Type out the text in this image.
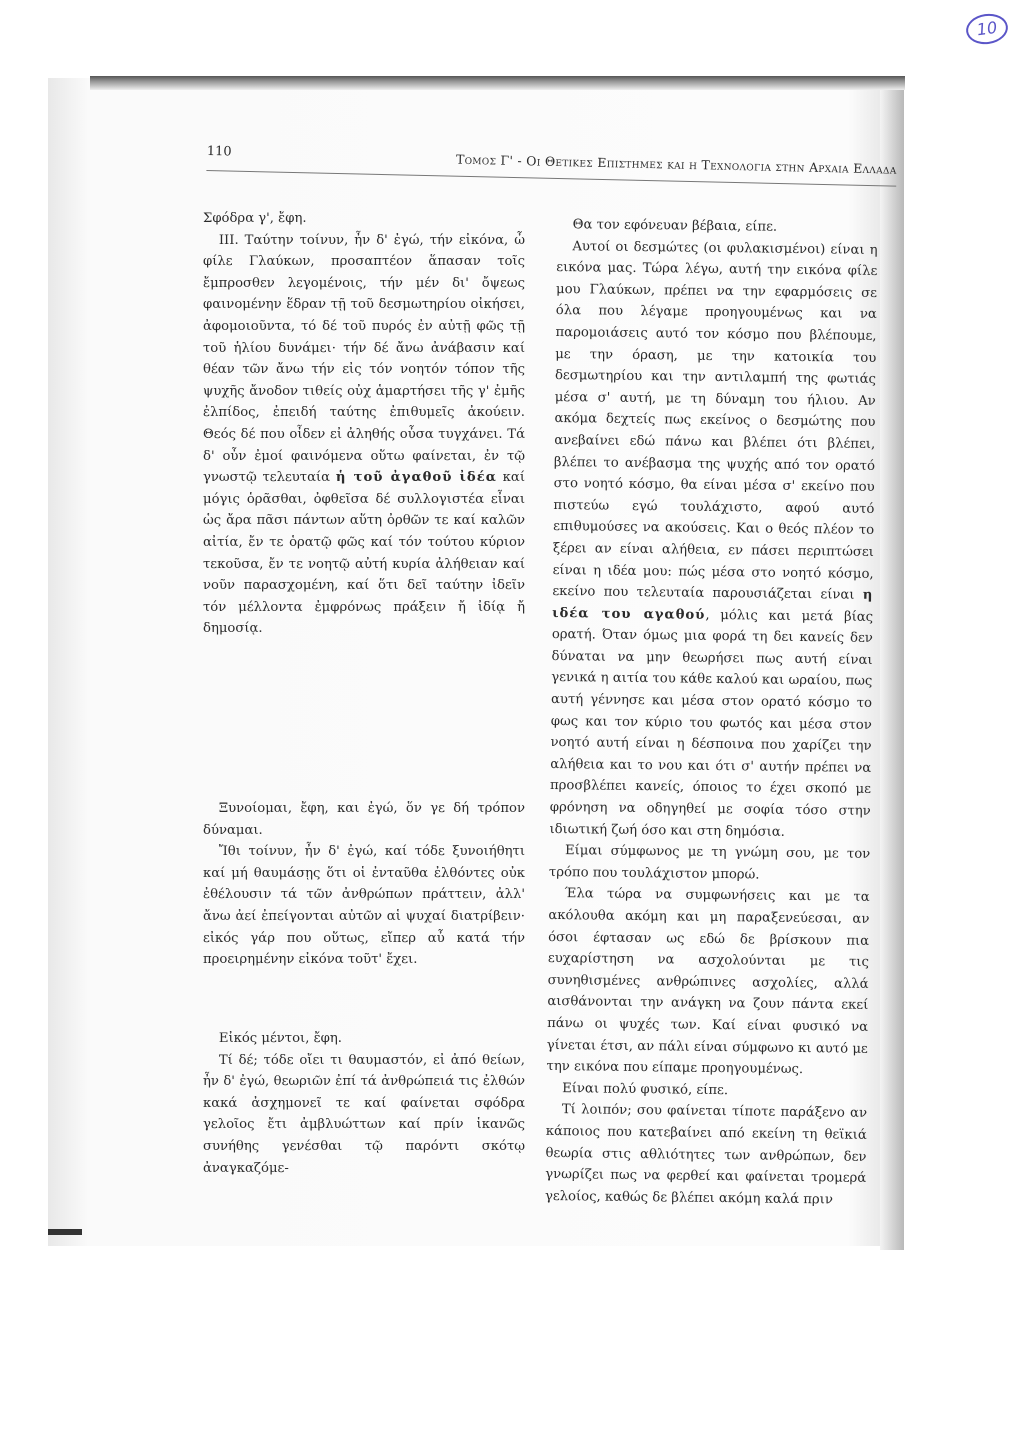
10
110	Τομος Γ' - Οι Θετικες Επιστημες και η Τεχνολογια στην Αρχαια Ελλαδα

Σφόδρα γ', ἔφη.

ΙΙΙ. Ταύτην τοίνυν, ἦν δ' ἐγώ, τήν εἰκόνα, ὦ φίλε Γλαύκων, προσαπτέον ἅπασαν τοῖς ἔμπροσθεν λεγομένοις, τήν μέν δι' ὄψεως φαινομένην ἕδραν τῇ τοῦ δεσμωτηρίου οἰκήσει, ἀφομοιοῦντα, τό δέ τοῦ πυρός ἐν αὐτῇ φῶς τῇ τοῦ ἡλίου δυνάμει· τήν δέ ἄνω ἀνάβασιν καί θέαν τῶν ἄνω τήν εἰς τόν νοητόν τόπον τῆς ψυχῆς ἄνοδον τιθείς οὐχ ἁμαρτήσει τῆς γ' ἐμῆς ἐλπίδος, ἐπειδή ταύτης ἐπιθυμεῖς ἀκούειν. Θεός δέ που οἶδεν εἰ ἀληθής οὖσα τυγχάνει. Τά δ' οὖν ἐμοί φαινόμενα οὕτω φαίνεται, ἐν τῷ γνωστῷ τελευταία ἡ τοῦ ἀγαθοῦ ἰδέα καί μόγις ὁρᾶσθαι, ὀφθεῖσα δέ συλλογιστέα εἶναι ὡς ἄρα πᾶσι πάντων αὕτη ὀρθῶν τε καί καλῶν αἰτία, ἔν τε ὁρατῷ φῶς καί τόν τούτου κύριον τεκοῦσα, ἔν τε νοητῷ αὐτή κυρία ἀλήθειαν καί νοῦν παρασχομένη, καί ὅτι δεῖ ταύτην ἰδεῖν τόν μέλλοντα ἐμφρόνως πράξειν ἤ ἰδίᾳ ἤ δημοσίᾳ.

Ξυνοίομαι, ἔφη, και ἐγώ, ὅν γε δή τρόπον δύναμαι.

Ἴθι τοίνυν, ἦν δ' ἐγώ, καί τόδε ξυνοιήθητι καί μή θαυμάσῃς ὅτι οἱ ἐνταῦθα ἐλθόντες οὐκ ἐθέλουσιν τά τῶν ἀνθρώπων πράττειν, ἀλλ' ἄνω ἀεί ἐπείγονται αὐτῶν αἱ ψυχαί διατρίβειν· εἰκός γάρ που οὕτως, εἴπερ αὖ κατά τήν προειρημένην εἰκόνα τοῦτ' ἔχει.

Εἰκός μέντοι, ἔφη.

Τί δέ; τόδε οἴει τι θαυμαστόν, εἰ ἀπό θείων, ἦν δ' ἐγώ, θεωριῶν ἐπί τά ἀνθρώπειά τις ἐλθών κακά ἀσχημονεῖ τε καί φαίνεται σφόδρα γελοῖος ἔτι ἀμβλυώττων καί πρίν ἱκανῶς συνήθης γενέσθαι τῷ παρόντι σκότῳ ἀναγκαζόμε-

Θα τον εφόνευαν βέβαια, είπε.

Αυτοί οι δεσμώτες (οι φυλακισμένοι) είναι η εικόνα μας. Τώρα λέγω, αυτή την εικόνα φίλε μου Γλαύκων, πρέπει να την εφαρμόσεις σε όλα που λέγαμε προηγουμένως και να παρομοιάσεις αυτό τον κόσμο που βλέπουμε, με την όραση, με την κατοικία του δεσμωτηρίου και την αντιλαμπή της φωτιάς μέσα σ' αυτή, με τη δύναμη του ήλιου. Αν ακόμα δεχτείς πως εκείνος ο δεσμώτης που ανεβαίνει εδώ πάνω και βλέπει ότι βλέπει, βλέπει το ανέβασμα της ψυχής από τον ορατό στο νοητό κόσμο, θα είναι μέσα σ' εκείνο που πιστεύω εγώ τουλάχιστο, αφού αυτό επιθυμούσες να ακούσεις. Και ο θεός πλέον το ξέρει αν είναι αλήθεια, εν πάσει περιπτώσει είναι η ιδέα μου: πώς μέσα στο νοητό κόσμο, εκείνο που τελευταία παρουσιάζεται είναι η ιδέα του αγαθού, μόλις και μετά βίας ορατή. Όταν όμως μια φορά τη δει κανείς δεν δύναται να μην θεωρήσει πως αυτή είναι γενικά η αιτία του κάθε καλού και ωραίου, πως αυτή γέννησε και μέσα στον ορατό κόσμο το φως και τον κύριο του φωτός και μέσα στον νοητό αυτή είναι η δέσποινα που χαρίζει την αλήθεια και το νου και ότι σ' αυτήν πρέπει να προσβλέπει κανείς, όποιος το έχει σκοπό με φρόνηση να οδηγηθεί με σοφία τόσο στην ιδιωτική ζωή όσο και στη δημόσια.

Είμαι σύμφωνος με τη γνώμη σου, με τον τρόπο που τουλάχιστον μπορώ.

Έλα τώρα να συμφωνήσεις και με τα ακόλουθα ακόμη και μη παραξενεύεσαι, αν όσοι έφτασαν ως εδώ δε βρίσκουν πια ευχαρίστηση να ασχολούνται με τις συνηθισμένες ανθρώπινες ασχολίες, αλλά αισθάνονται την ανάγκη να ζουν πάντα εκεί πάνω οι ψυχές των. Καί είναι φυσικό να γίνεται έτσι, αν πάλι είναι σύμφωνο κι αυτό με την εικόνα που είπαμε προηγουμένως.

Είναι πολύ φυσικό, είπε.

Τί λοιπόν; σου φαίνεται τίποτε παράξενο αν κάποιος που κατεβαίνει από εκείνη τη θεϊκιά θεωρία στις αθλιότητες των ανθρώπων, δεν γνωρίζει πως να φερθεί και φαίνεται τρομερά γελοίος, καθώς δε βλέπει ακόμη καλά πριν
